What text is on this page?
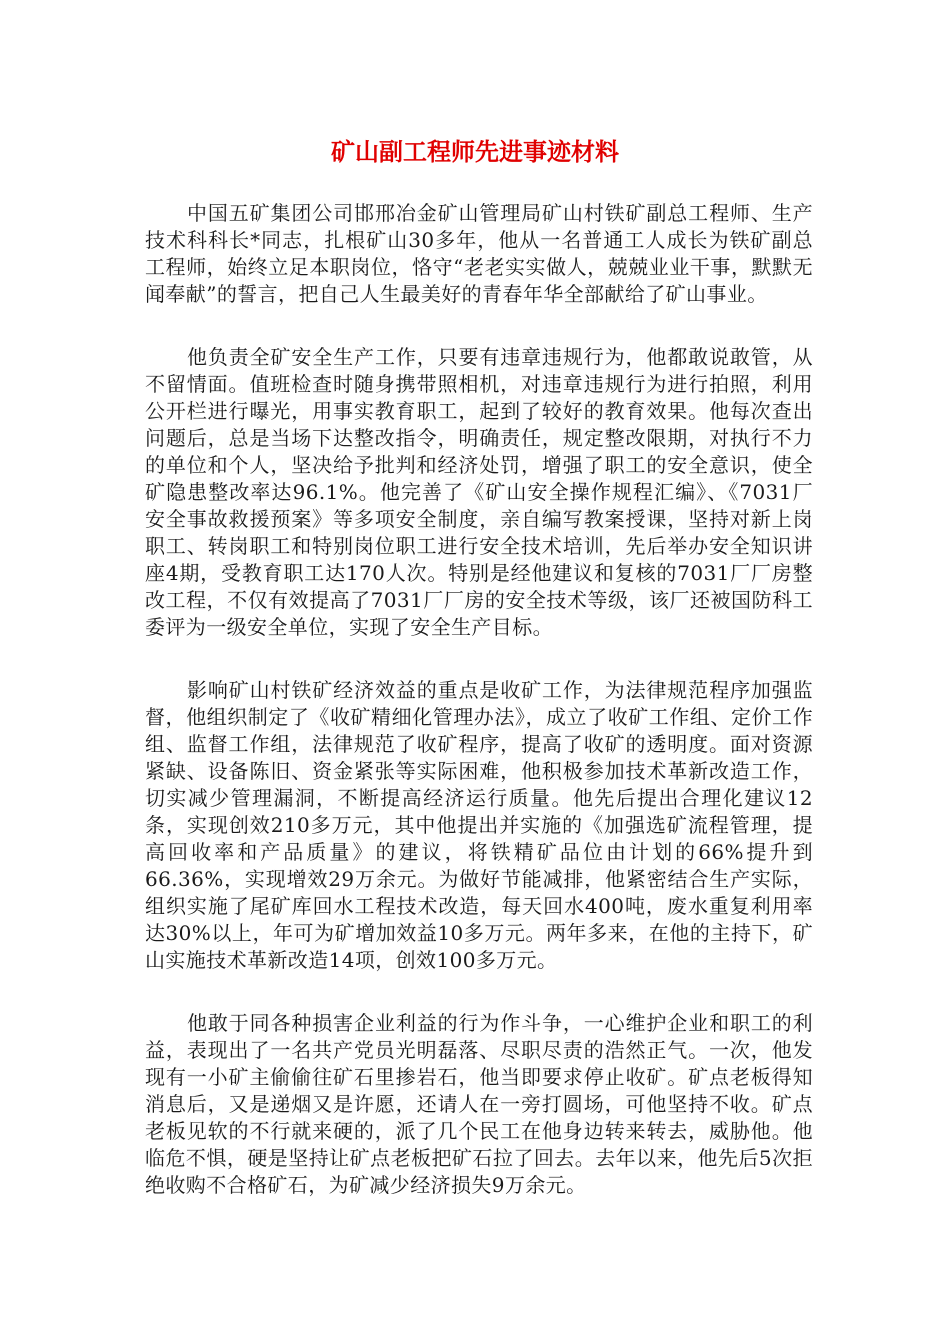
矿山副工程师先进事迹材料

中国五矿集团公司邯邢冶金矿山管理局矿山村铁矿副总工程师、生产技术科科长*同志，扎根矿山30多年，他从一名普通工人成长为铁矿副总工程师，始终立足本职岗位，恪守“老老实实做人，兢兢业业干事，默默无闻奉献”的誓言，把自己人生最美好的青春年华全部献给了矿山事业。

他负责全矿安全生产工作，只要有违章违规行为，他都敢说敢管，从不留情面。值班检查时随身携带照相机，对违章违规行为进行拍照，利用公开栏进行曝光，用事实教育职工，起到了较好的教育效果。他每次查出问题后，总是当场下达整改指令，明确责任，规定整改限期，对执行不力的单位和个人，坚决给予批判和经济处罚，增强了职工的安全意识，使全矿隐患整改率达96.1%。他完善了《矿山安全操作规程汇编》、《7031厂安全事故救援预案》等多项安全制度，亲自编写教案授课，坚持对新上岗职工、转岗职工和特别岗位职工进行安全技术培训，先后举办安全知识讲座4期，受教育职工达170人次。特别是经他建议和复核的7031厂厂房整改工程，不仅有效提高了7031厂厂房的安全技术等级，该厂还被国防科工委评为一级安全单位，实现了安全生产目标。

影响矿山村铁矿经济效益的重点是收矿工作，为法律规范程序加强监督，他组织制定了《收矿精细化管理办法》，成立了收矿工作组、定价工作组、监督工作组，法律规范了收矿程序，提高了收矿的透明度。面对资源紧缺、设备陈旧、资金紧张等实际困难，他积极参加技术革新改造工作，切实减少管理漏洞，不断提高经济运行质量。他先后提出合理化建议12条，实现创效210多万元，其中他提出并实施的《加强选矿流程管理，提高回收率和产品质量》的建议，将铁精矿品位由计划的66%提升到66.36%，实现增效29万余元。为做好节能减排，他紧密结合生产实际，组织实施了尾矿库回水工程技术改造，每天回水400吨，废水重复利用率达30%以上，年可为矿增加效益10多万元。两年多来，在他的主持下，矿山实施技术革新改造14项，创效100多万元。

他敢于同各种损害企业利益的行为作斗争，一心维护企业和职工的利益，表现出了一名共产党员光明磊落、尽职尽责的浩然正气。一次，他发现有一小矿主偷偷往矿石里掺岩石，他当即要求停止收矿。矿点老板得知消息后，又是递烟又是许愿，还请人在一旁打圆场，可他坚持不收。矿点老板见软的不行就来硬的，派了几个民工在他身边转来转去，威胁他。他临危不惧，硬是坚持让矿点老板把矿石拉了回去。去年以来，他先后5次拒绝收购不合格矿石，为矿减少经济损失9万余元。
